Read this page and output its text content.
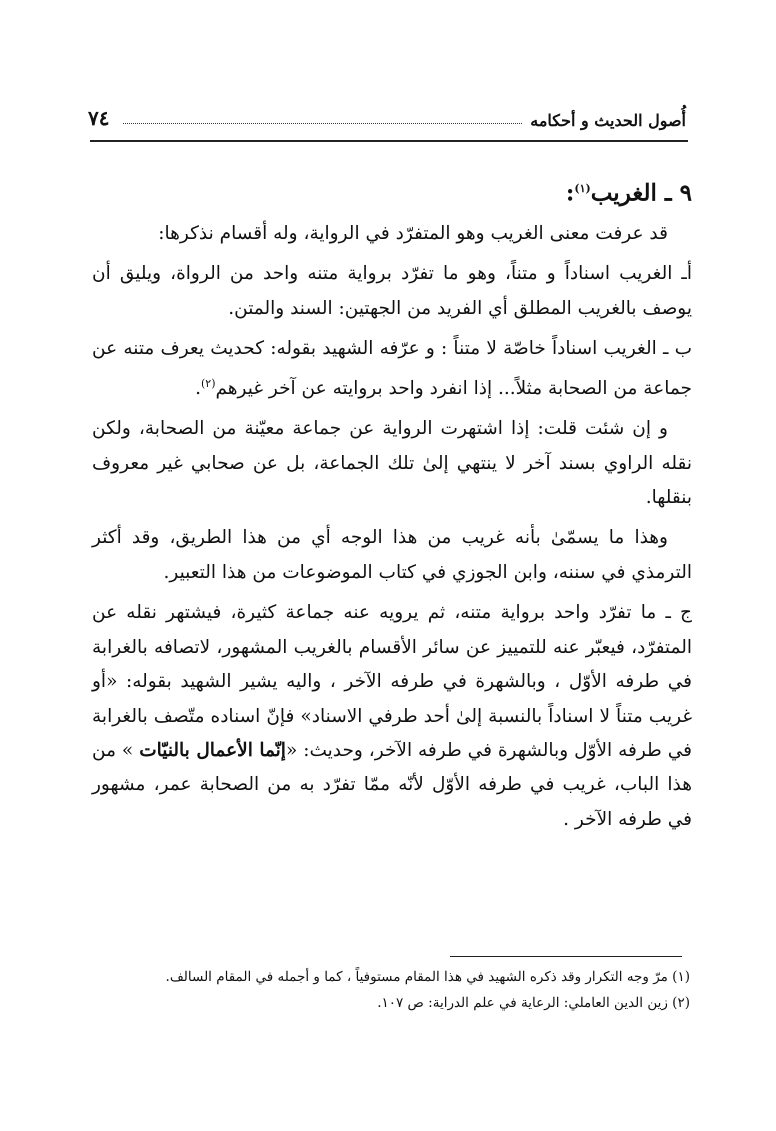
٧٤	أُصول الحديث و أحكامه

٩ ـ الغريب$^{(١)}$:

قد عرفت معنى الغريب وهو المتفرّد في الرواية، وله أقسام نذكرها:

أـ الغريب اسناداً و متناً، وهو ما تفرّد برواية متنه واحد من الرواة، ويليق أن يوصف بالغريب المطلق أي الفريد من الجهتين: السند والمتن.

ب ـ الغريب اسناداً خاصّة لا متناً : و عرّفه الشهيد بقوله: كحديث يعرف متنه عن جماعة من الصحابة مثلاً... إذا انفرد واحد بروايته عن آخر غيرهم$^{(٢)}$.

و إن شئت قلت: إذا اشتهرت الرواية عن جماعة معيّنة من الصحابة، ولكن نقله الراوي بسند آخر لا ينتهي إلىٰ تلك الجماعة، بل عن صحابي غير معروف بنقلها.

وهذا ما يسمّىٰ بأنه غريب من هذا الوجه أي من هذا الطريق، وقد أكثر الترمذي في سننه، وابن الجوزي في كتاب الموضوعات من هذا التعبير.

ج ـ ما تفرّد واحد برواية متنه، ثم يرويه عنه جماعة كثيرة، فيشتهر نقله عن المتفرّد، فيعبّر عنه للتمييز عن سائر الأقسام بالغريب المشهور، لاتصافه بالغرابة في طرفه الأوّل ، وبالشهرة في طرفه الآخر ، واليه يشير الشهيد بقوله: «أو غريب متناً لا اسناداً بالنسبة إلىٰ أحد طرفي الاسناد» فإنّ اسناده متّصف بالغرابة في طرفه الأوّل وبالشهرة في طرفه الآخر، وحديث: «إنّما الأعمال بالنيّات » من هذا الباب، غريب في طرفه الأوّل لأنّه ممّا تفرّد به من الصحابة عمر، مشهور في طرفه الآخر .

(١) مرّ وجه التكرار وقد ذكره الشهيد في هذا المقام مستوفياً ، كما و أجمله في المقام السالف.

(٢) زين الدين العاملي: الرعاية في علم الدراية: ص ١٠٧.
